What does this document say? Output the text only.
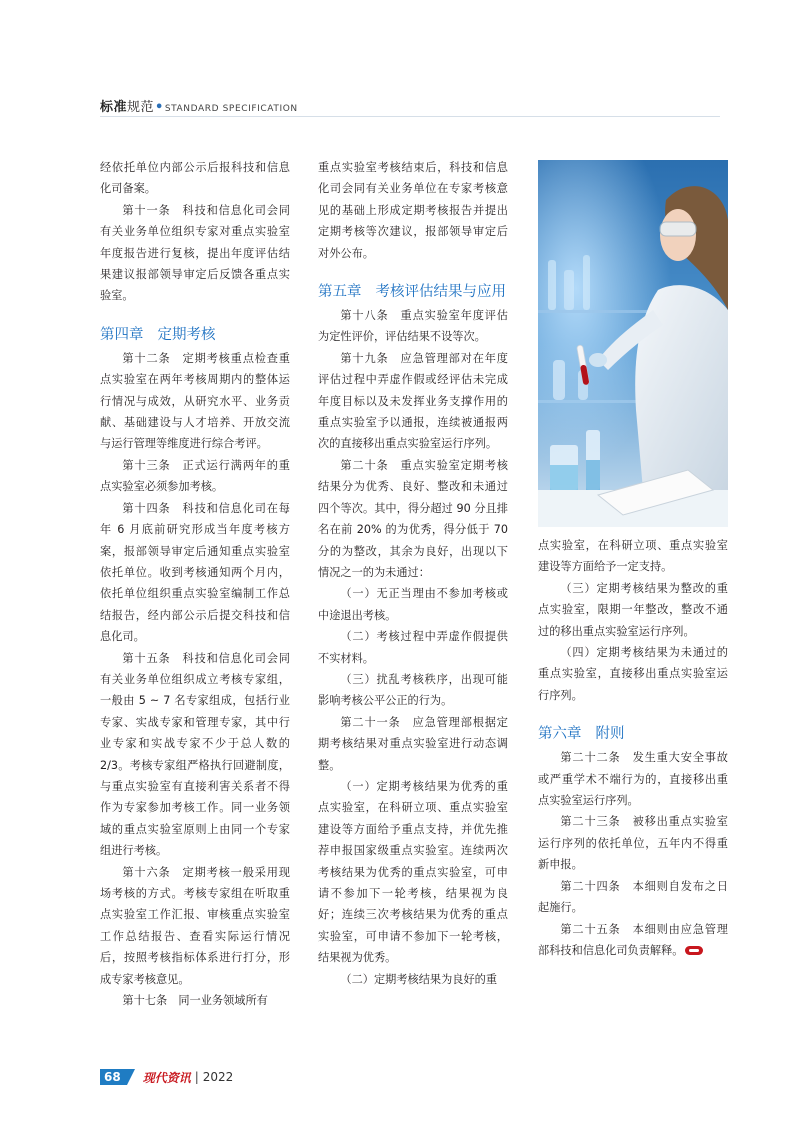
标准规范•STANDARD SPECIFICATION

经依托单位内部公示后报科技和信息化司备案。

第十一条　科技和信息化司会同有关业务单位组织专家对重点实验室年度报告进行复核，提出年度评估结果建议报部领导审定后反馈各重点实验室。

第四章 定期考核

第十二条　定期考核重点检查重点实验室在两年考核周期内的整体运行情况与成效，从研究水平、业务贡献、基础建设与人才培养、开放交流与运行管理等维度进行综合考评。

第十三条　正式运行满两年的重点实验室必须参加考核。

第十四条　科技和信息化司在每年 6 月底前研究形成当年度考核方案，报部领导审定后通知重点实验室依托单位。收到考核通知两个月内，依托单位组织重点实验室编制工作总结报告，经内部公示后提交科技和信息化司。

第十五条　科技和信息化司会同有关业务单位组织成立考核专家组，一般由 5 ~ 7 名专家组成，包括行业专家、实战专家和管理专家，其中行业专家和实战专家不少于总人数的 2/3。考核专家组严格执行回避制度，与重点实验室有直接利害关系者不得作为专家参加考核工作。同一业务领域的重点实验室原则上由同一个专家组进行考核。

第十六条　定期考核一般采用现场考核的方式。考核专家组在听取重点实验室工作汇报、审核重点实验室工作总结报告、查看实际运行情况后，按照考核指标体系进行打分，形成专家考核意见。

第十七条　同一业务领域所有

重点实验室考核结束后，科技和信息化司会同有关业务单位在专家考核意见的基础上形成定期考核报告并提出定期考核等次建议，报部领导审定后对外公布。

第五章 考核评估结果与应用

第十八条　重点实验室年度评估为定性评价，评估结果不设等次。

第十九条　应急管理部对在年度评估过程中弄虚作假或经评估未完成年度目标以及未发挥业务支撑作用的重点实验室予以通报，连续被通报两次的直接移出重点实验室运行序列。

第二十条　重点实验室定期考核结果分为优秀、良好、整改和未通过四个等次。其中，得分超过 90 分且排名在前 20% 的为优秀，得分低于 70 分的为整改，其余为良好，出现以下情况之一的为未通过：

（一）无正当理由不参加考核或中途退出考核。

（二）考核过程中弄虚作假提供不实材料。

（三）扰乱考核秩序，出现可能影响考核公平公正的行为。

第二十一条　应急管理部根据定期考核结果对重点实验室进行动态调整。

（一）定期考核结果为优秀的重点实验室，在科研立项、重点实验室建设等方面给予重点支持，并优先推荐申报国家级重点实验室。连续两次考核结果为优秀的重点实验室，可申请不参加下一轮考核，结果视为良好；连续三次考核结果为优秀的重点实验室，可申请不参加下一轮考核，结果视为优秀。

（二）定期考核结果为良好的重

点实验室，在科研立项、重点实验室建设等方面给予一定支持。

（三）定期考核结果为整改的重点实验室，限期一年整改，整改不通过的移出重点实验室运行序列。

（四）定期考核结果为未通过的重点实验室，直接移出重点实验室运行序列。

第六章 附则

第二十二条　发生重大安全事故或严重学术不端行为的，直接移出重点实验室运行序列。

第二十三条　被移出重点实验室运行序列的依托单位，五年内不得重新申报。

第二十四条　本细则自发布之日起施行。

第二十五条　本细则由应急管理部科技和信息化司负责解释。

68	现代资讯 | 2022
